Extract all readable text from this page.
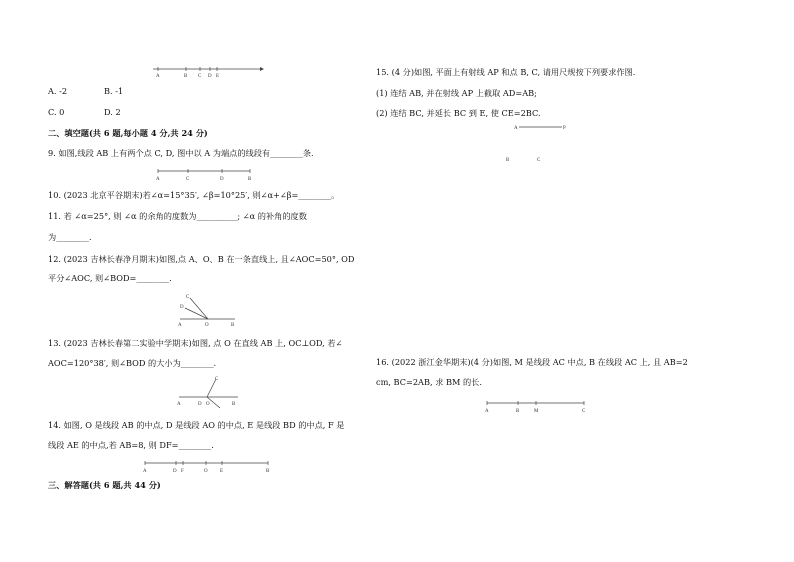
A	B C D E
A. -2	B. -1
C. 0	D. 2
二、填空题(共 6 题,每小题 4 分,共 24 分)
9. 如图,线段 AB 上有两个点 C, D, 图中以 A 为端点的线段有________条.
A	C	D	B
10. (2023 北京平谷期末)若∠α=15°35′, ∠β=10°25′, 则∠α+∠β=________。
11. 若 ∠α=25°, 则 ∠α 的余角的度数为__________; ∠α 的补角的度数
为________.
12. (2023 吉林长春净月期末)如图,点 A、O、B 在一条直线上, 且∠AOC=50°, OD
平分∠AOC, 则∠BOD=________.
C
D
A	O	B
13. (2023 吉林长春第二实验中学期末)如图, 点 O 在直线 AB 上, OC⊥OD, 若∠
AOC=120°38′, 则∠BOD 的大小为________.
C
A	D O	B
14. 如图, O 是线段 AB 的中点, D 是线段 AO 的中点, E 是线段 BD 的中点, F 是
线段 AE 的中点,若 AB=8, 则 DF=________.
A	D F	O E	B
三、解答题(共 6 题,共 44 分)
15. (4 分)如图, 平面上有射线 AP 和点 B, C, 请用尺规按下列要求作图.
(1) 连结 AB, 并在射线 AP 上截取 AD=AB;
(2) 连结 BC, 并延长 BC 到 E, 使 CE=2BC.
A	P
B	C
16. (2022 浙江金华期末)(4 分)如图, M 是线段 AC 中点, B 在线段 AC 上, 且 AB=2
cm, BC=2AB, 求 BM 的长.
A	B	M	C
